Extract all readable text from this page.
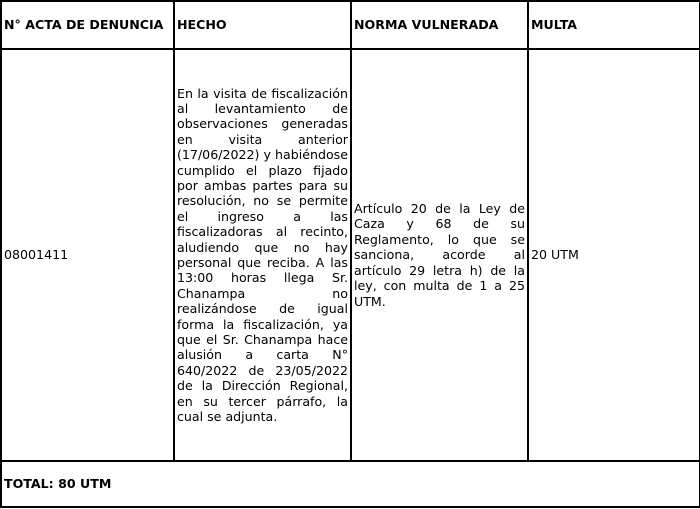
N° ACTA DE DENUNCIA	HECHO	NORMA VULNERADA	MULTA
08001411	En la visita de fiscalización al levantamiento de observaciones generadas en visita anterior (17/06/2022) y habiéndose cumplido el plazo fijado por ambas partes para su resolución, no se permite el ingreso a las fiscalizadoras al recinto, aludiendo que no hay personal que reciba. A las 13:00 horas llega Sr. Chanampa no realizándose de igual forma la fiscalización, ya que el Sr. Chanampa hace alusión a carta N° 640/2022 de 23/05/2022 de la Dirección Regional, en su tercer párrafo, la cual se adjunta.	Artículo 20 de la Ley de Caza y 68 de su Reglamento, lo que se sanciona, acorde al artículo 29 letra h) de la ley, con multa de 1 a 25 UTM.	20 UTM
TOTAL: 80 UTM			
